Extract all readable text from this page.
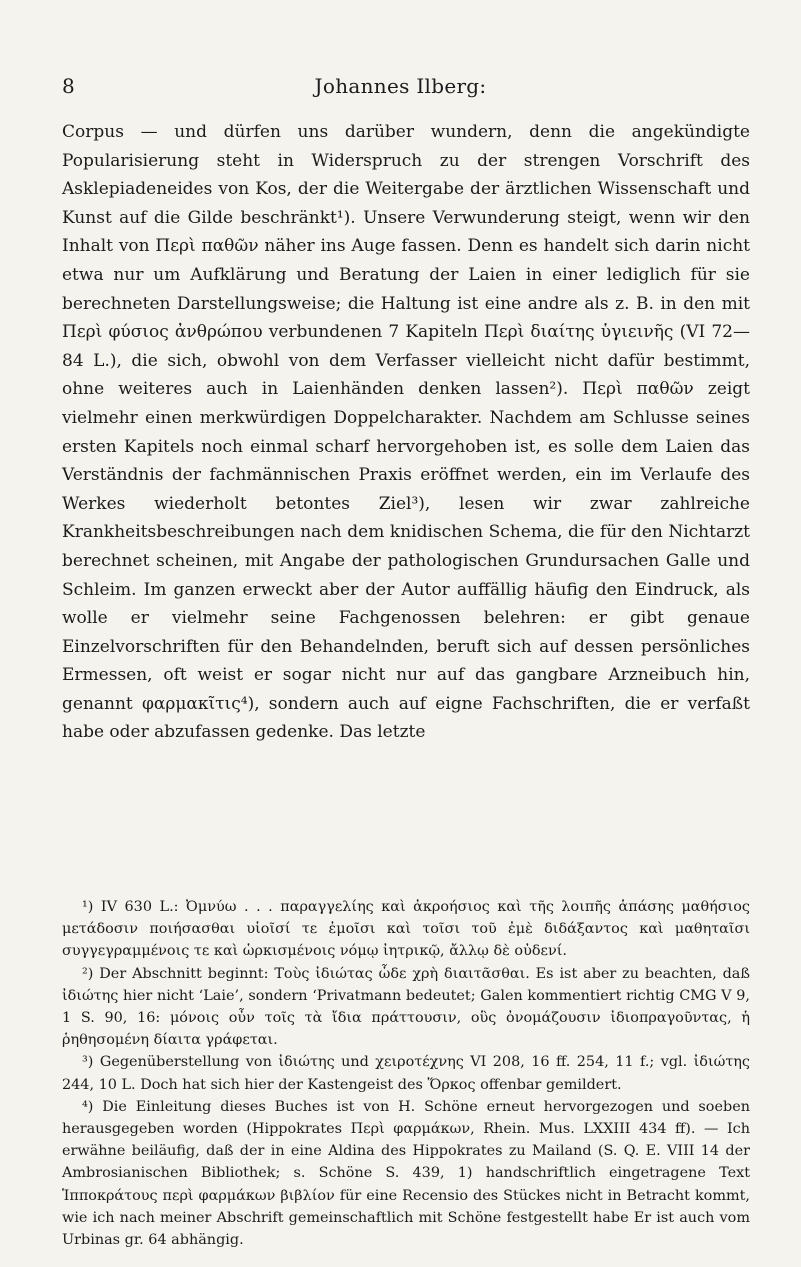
8	Johannes Ilberg:

Corpus — und dürfen uns darüber wundern, denn die angekündigte Popularisierung steht in Widerspruch zu der strengen Vorschrift des Asklepiadeneides von Kos, der die Weitergabe der ärztlichen Wissenschaft und Kunst auf die Gilde beschränkt¹). Unsere Verwunderung steigt, wenn wir den Inhalt von Περὶ παθῶν näher ins Auge fassen. Denn es handelt sich darin nicht etwa nur um Aufklärung und Beratung der Laien in einer lediglich für sie berechneten Darstellungsweise; die Haltung ist eine andre als z. B. in den mit Περὶ φύσιος ἀνθρώπου verbundenen 7 Kapiteln Περὶ διαίτης ὑγιεινῆς (VI 72—84 L.), die sich, obwohl von dem Verfasser vielleicht nicht dafür bestimmt, ohne weiteres auch in Laienhänden denken lassen²). Περὶ παθῶν zeigt vielmehr einen merkwürdigen Doppelcharakter. Nachdem am Schlusse seines ersten Kapitels noch einmal scharf hervorgehoben ist, es solle dem Laien das Verständnis der fachmännischen Praxis eröffnet werden, ein im Verlaufe des Werkes wiederholt betontes Ziel³), lesen wir zwar zahlreiche Krankheitsbeschreibungen nach dem knidischen Schema, die für den Nichtarzt berechnet scheinen, mit Angabe der pathologischen Grundursachen Galle und Schleim. Im ganzen erweckt aber der Autor auffällig häufig den Eindruck, als wolle er vielmehr seine Fachgenossen belehren: er gibt genaue Einzelvorschriften für den Behandelnden, beruft sich auf dessen persönliches Ermessen, oft weist er sogar nicht nur auf das gangbare Arzneibuch hin, genannt φαρμακῖτις⁴), sondern auch auf eigne Fachschriften, die er verfaßt habe oder abzufassen gedenke. Das letzte

¹) IV 630 L.: Ὀμνύω . . . παραγγελίης καὶ ἀκροήσιος καὶ τῆς λοιπῆς ἁπάσης μαθήσιος μετάδοσιν ποιήσασθαι υἱοῖσί τε ἐμοῖσι καὶ τοῖσι τοῦ ἐμὲ διδάξαντος καὶ μαθηταῖσι συγγεγραμμένοις τε καὶ ὡρκισμένοις νόμῳ ἰητρικῷ, ἄλλῳ δὲ οὐδενί.

²) Der Abschnitt beginnt: Τοὺς ἰδιώτας ὧδε χρὴ διαιτᾶσθαι. Es ist aber zu beachten, daß ἰδιώτης hier nicht ‘Laie’, sondern ‘Privatmann bedeutet; Galen kommentiert richtig CMG V 9, 1 S. 90, 16: μόνοις οὖν τοῖς τὰ ἴδια πράττουσιν, οὓς ὀνομάζουσιν ἰδιοπραγοῦντας, ἡ ῥηθησομένη δίαιτα γράφεται.

³) Gegenüberstellung von ἰδιώτης und χειροτέχνης VI 208, 16 ff. 254, 11 f.; vgl. ἰδιώτης 244, 10 L. Doch hat sich hier der Kastengeist des Ὅρκος offenbar gemildert.

⁴) Die Einleitung dieses Buches ist von H. Schöne erneut hervorgezogen und soeben herausgegeben worden (Hippokrates Περὶ φαρμάκων, Rhein. Mus. LXXIII 434 ff). — Ich erwähne beiläufig, daß der in eine Aldina des Hippokrates zu Mailand (S. Q. E. VIII 14 der Ambrosianischen Bibliothek; s. Schöne S. 439, 1) handschriftlich eingetragene Text Ἱπποκράτους περὶ φαρμάκων βιβλίον für eine Recensio des Stückes nicht in Betracht kommt, wie ich nach meiner Abschrift gemeinschaftlich mit Schöne festgestellt habe Er ist auch vom Urbinas gr. 64 abhängig.
